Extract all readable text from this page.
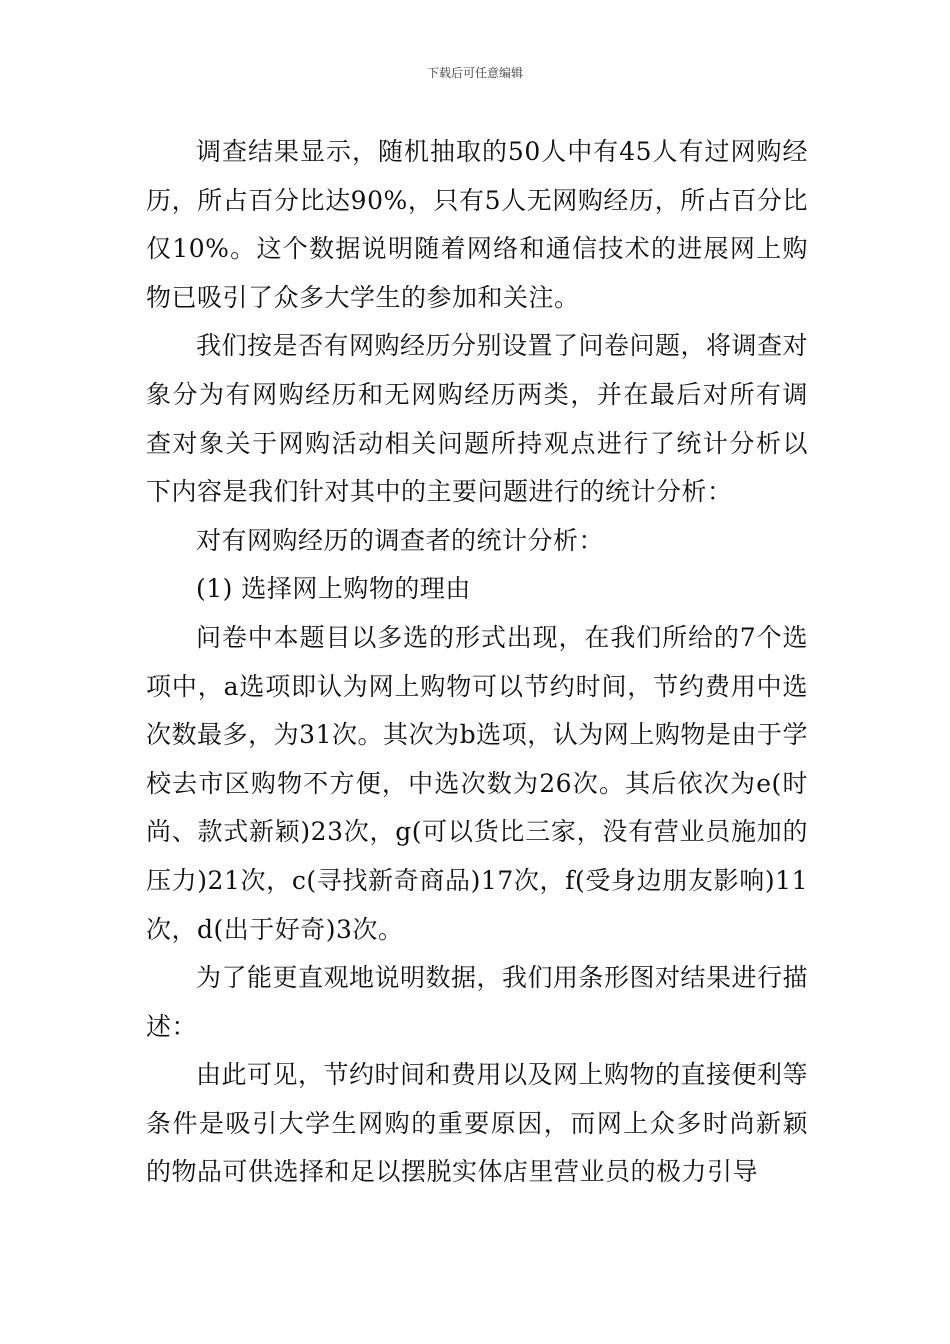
下载后可任意编辑

调查结果显示，随机抽取的50人中有45人有过网购经历，所占百分比达90%，只有5人无网购经历，所占百分比仅10%。这个数据说明随着网络和通信技术的进展网上购物已吸引了众多大学生的参加和关注。

我们按是否有网购经历分别设置了问卷问题，将调查对象分为有网购经历和无网购经历两类，并在最后对所有调查对象关于网购活动相关问题所持观点进行了统计分析以下内容是我们针对其中的主要问题进行的统计分析：

对有网购经历的调查者的统计分析：

(1) 选择网上购物的理由

问卷中本题目以多选的形式出现，在我们所给的7个选项中，a选项即认为网上购物可以节约时间，节约费用中选次数最多，为31次。其次为b选项，认为网上购物是由于学校去市区购物不方便，中选次数为26次。其后依次为e(时尚、款式新颖)23次，g(可以货比三家，没有营业员施加的压力)21次，c(寻找新奇商品)17次，f(受身边朋友影响)11次，d(出于好奇)3次。

为了能更直观地说明数据，我们用条形图对结果进行描述：

由此可见，节约时间和费用以及网上购物的直接便利等条件是吸引大学生网购的重要原因，而网上众多时尚新颖的物品可供选择和足以摆脱实体店里营业员的极力引导
